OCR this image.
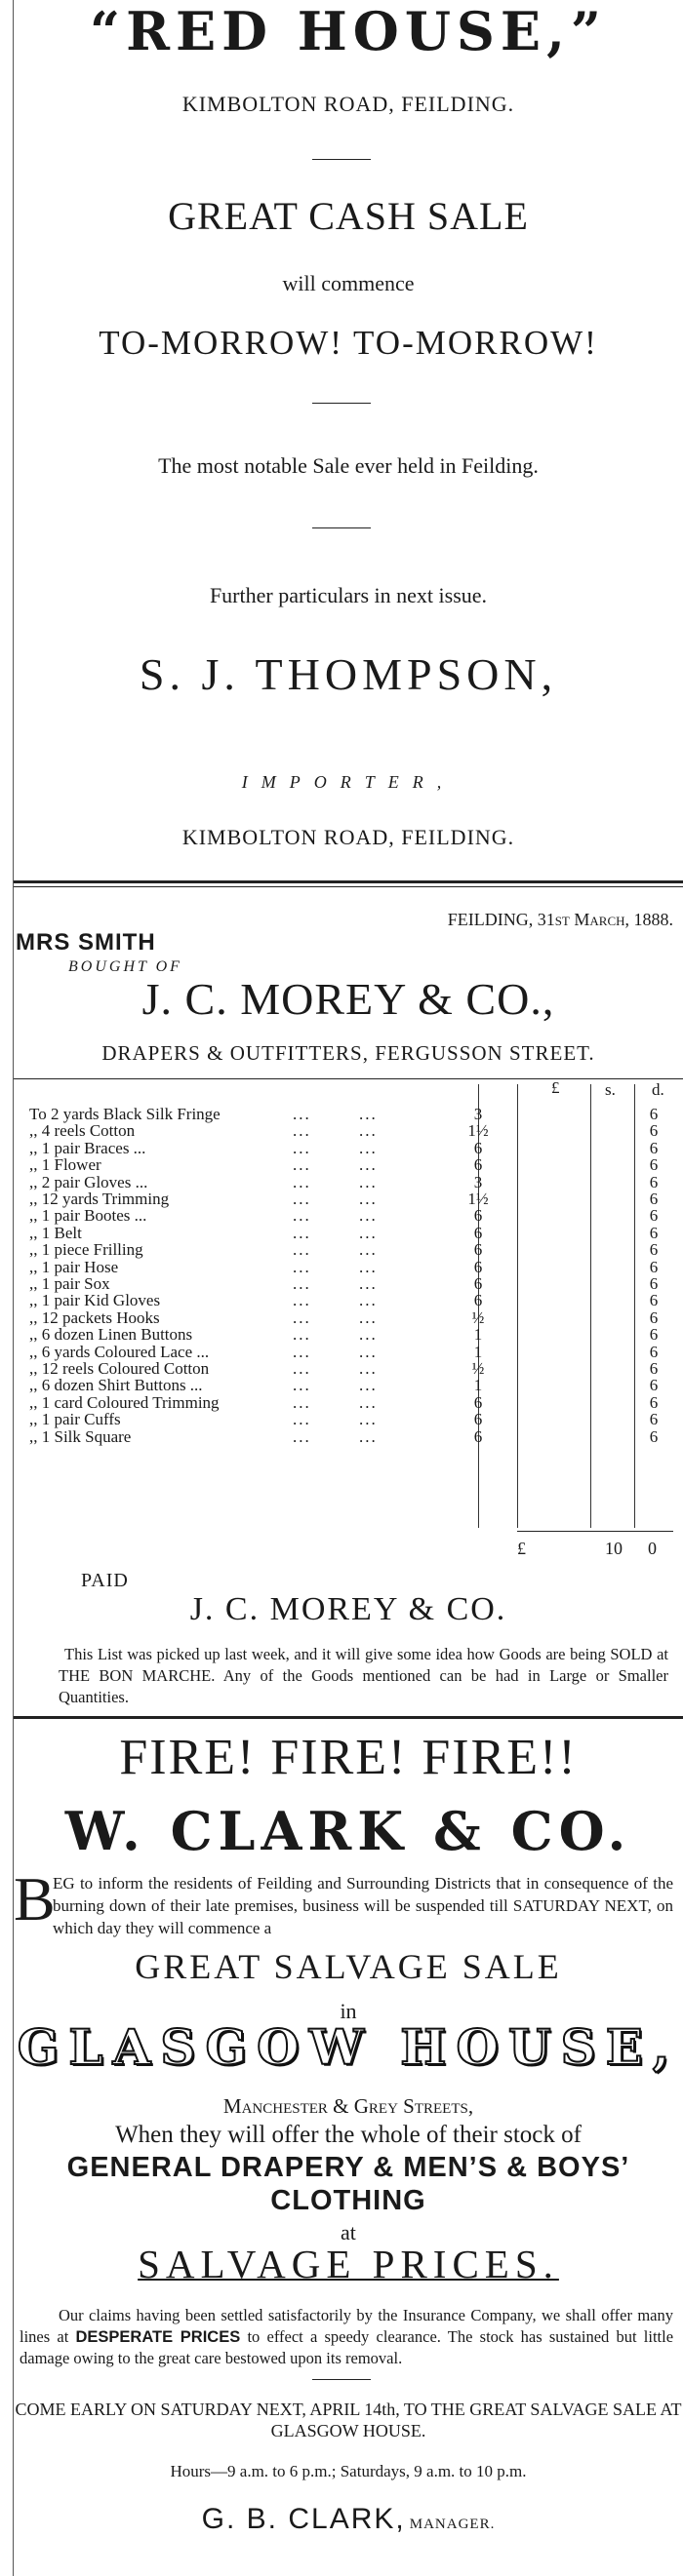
“RED HOUSE,”
KIMBOLTON ROAD, FEILDING.
GREAT CASH SALE
will commence
TO-MORROW! TO-MORROW!
The most notable Sale ever held in Feilding.
Further particulars in next issue.
S. J. THOMPSON,
IMPORTER,
KIMBOLTON ROAD, FEILDING.
FEILDING, 31st March, 1888.
MRS SMITH
BOUGHT OF
J. C. MOREY & CO.,
DRAPERS & OUTFITTERS, FERGUSSON STREET.
£	s. d.
To 2 yards Black Silk Fringe	...	...	3	6
,, 4 reels Cotton	...	...	1½	6
,, 1 pair Braces ...	...	...	6	6
,, 1 Flower	...	...	6	6
,, 2 pair Gloves ...	...	...	3	6
,, 12 yards Trimming	...	...	1½	6
,, 1 pair Bootes ...	...	...	6	6
,, 1 Belt	...	...	6	6
,, 1 piece Frilling	...	...	6	6
,, 1 pair Hose	...	...	6	6
,, 1 pair Sox	...	...	6	6
,, 1 pair Kid Gloves	...	...	6	6
,, 12 packets Hooks	...	...	½	6
,, 6 dozen Linen Buttons	...	...	1	6
,, 6 yards Coloured Lace ...	...	...	1	6
,, 12 reels Coloured Cotton	...	...	½	6
,, 6 dozen Shirt Buttons ...	...	...	1	6
,, 1 card Coloured Trimming	...	...	6	6
,, 1 pair Cuffs	...	...	6	6
,, 1 Silk Square	...	...	6	6
£	10 0
PAID
J. C. MOREY & CO.
This List was picked up last week, and it will give some idea how Goods are being SOLD at THE BON MARCHE. Any of the Goods mentioned can be had in Large or Smaller Quantities.
FIRE! FIRE! FIRE!!
W. CLARK & CO.
B
EG to inform the residents of Feilding and Surrounding Districts that in consequence of the burning down of their late premises, business will be suspended till SATURDAY NEXT, on which day they will commence a
GREAT SALVAGE SALE
in
GLASGOW HOUSE,
Manchester & Grey Streets,
When they will offer the whole of their stock of
GENERAL DRAPERY & MEN’S & BOYS’
CLOTHING
at
SALVAGE PRICES.
Our claims having been settled satisfactorily by the Insurance Company, we shall offer many lines at DESPERATE PRICES to effect a speedy clearance. The stock has sustained but little damage owing to the great care bestowed upon its removal.
COME EARLY ON SATURDAY NEXT, APRIL 14th, TO THE GREAT SALVAGE SALE AT GLASGOW HOUSE.
Hours—9 a.m. to 6 p.m.; Saturdays, 9 a.m. to 10 p.m.
G. B. CLARK, MANAGER.
